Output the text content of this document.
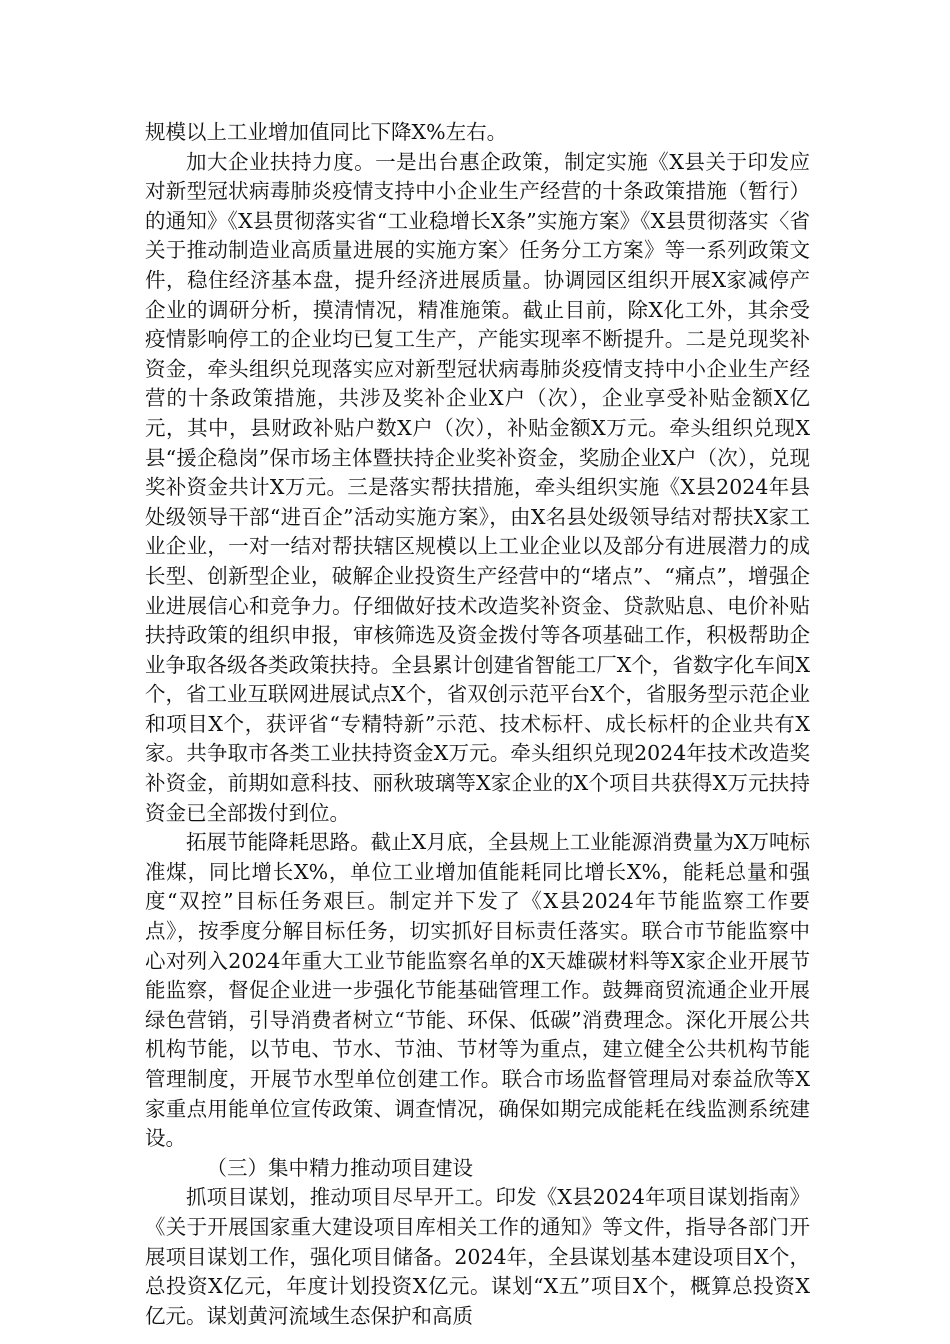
规模以上工业增加值同比下降X%左右。

加大企业扶持力度。一是出台惠企政策，制定实施《X县关于印发应对新型冠状病毒肺炎疫情支持中小企业生产经营的十条政策措施（暂行）的通知》《X县贯彻落实省“工业稳增长X条”实施方案》《X县贯彻落实〈省关于推动制造业高质量进展的实施方案〉任务分工方案》等一系列政策文件，稳住经济基本盘，提升经济进展质量。协调园区组织开展X家减停产企业的调研分析，摸清情况，精准施策。截止目前，除X化工外，其余受疫情影响停工的企业均已复工生产，产能实现率不断提升。二是兑现奖补资金，牵头组织兑现落实应对新型冠状病毒肺炎疫情支持中小企业生产经营的十条政策措施，共涉及奖补企业X户（次），企业享受补贴金额X亿元，其中，县财政补贴户数X户（次），补贴金额X万元。牵头组织兑现X县“援企稳岗”保市场主体暨扶持企业奖补资金，奖励企业X户（次），兑现奖补资金共计X万元。三是落实帮扶措施，牵头组织实施《X县2024年县处级领导干部“进百企”活动实施方案》，由X名县处级领导结对帮扶X家工业企业，一对一结对帮扶辖区规模以上工业企业以及部分有进展潜力的成长型、创新型企业，破解企业投资生产经营中的“堵点”、“痛点”，增强企业进展信心和竞争力。仔细做好技术改造奖补资金、贷款贴息、电价补贴扶持政策的组织申报，审核筛选及资金拨付等各项基础工作，积极帮助企业争取各级各类政策扶持。全县累计创建省智能工厂X个，省数字化车间X个，省工业互联网进展试点X个，省双创示范平台X个，省服务型示范企业和项目X个，获评省“专精特新”示范、技术标杆、成长标杆的企业共有X家。共争取市各类工业扶持资金X万元。牵头组织兑现2024年技术改造奖补资金，前期如意科技、丽秋玻璃等X家企业的X个项目共获得X万元扶持资金已全部拨付到位。

拓展节能降耗思路。截止X月底，全县规上工业能源消费量为X万吨标准煤，同比增长X%，单位工业增加值能耗同比增长X%，能耗总量和强度“双控”目标任务艰巨。制定并下发了《X县2024年节能监察工作要点》，按季度分解目标任务，切实抓好目标责任落实。联合市节能监察中心对列入2024年重大工业节能监察名单的X天雄碳材料等X家企业开展节能监察，督促企业进一步强化节能基础管理工作。鼓舞商贸流通企业开展绿色营销，引导消费者树立“节能、环保、低碳”消费理念。深化开展公共机构节能，以节电、节水、节油、节材等为重点，建立健全公共机构节能管理制度，开展节水型单位创建工作。联合市场监督管理局对泰益欣等X家重点用能单位宣传政策、调查情况，确保如期完成能耗在线监测系统建设。

（三）集中精力推动项目建设

抓项目谋划，推动项目尽早开工。印发《X县2024年项目谋划指南》《关于开展国家重大建设项目库相关工作的通知》等文件，指导各部门开展项目谋划工作，强化项目储备。2024年，全县谋划基本建设项目X个，总投资X亿元，年度计划投资X亿元。谋划“X五”项目X个，概算总投资X亿元。谋划黄河流域生态保护和高质
